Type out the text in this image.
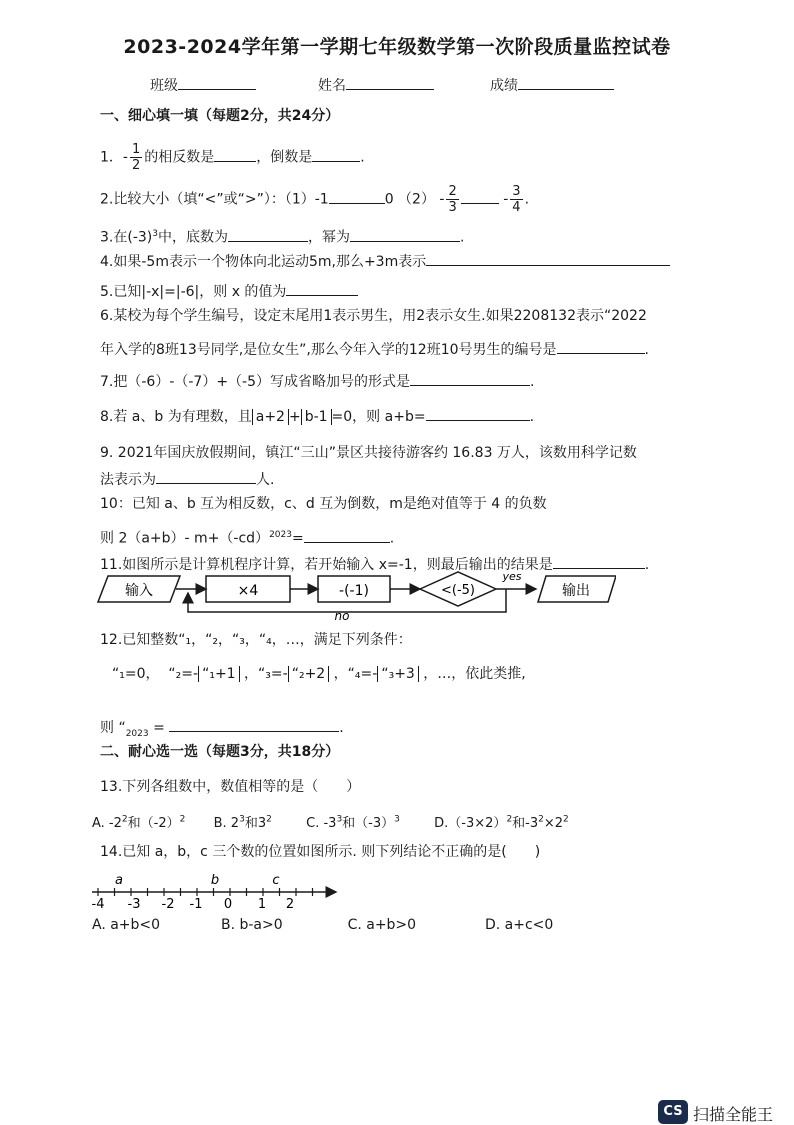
2023-2024学年第一学期七年级数学第一次阶段质量监控试卷
班级	姓名	成绩
一、细心填一填（每题2分，共24分）
1．- $\frac{1}{2}$ 的相反数是	，倒数是	.
2.比较大小（填“<”或“>”）：（1）-1	0 $(2) - \frac{2}{3}$	- $\frac{3}{4}$ .
3.在$(-3)^3$中，底数为	，幂为	.
4.如果-5m表示一个物体向北运动5m,那么+3m表示
5.已知|-x|=|-6|，则 x 的值为
6.某校为每个学生编号，设定末尾用1表示男生，用2表示女生.如果2208132表示“2022
年入学的8班13号同学,是位女生”,那么今年入学的12班10号男生的编号是	.
7.把（-6）-（-7）+（-5）写成省略加号的形式是	.
8.若 a、b 为有理数，且 a+2 + b-1 =0，则 a+b=	.
9. 2021年国庆放假期间，镇江“三山”景区共接待游客约 16.83 万人，该数用科学记数
法表示为	人.
10：已知 a、b 互为相反数，c、d 互为倒数，m是绝对值等于 4 的负数
则 2（a+b）- $m+(-cd)^{2023}=$	.
11.如图所示是计算机程序计算，若开始输入 x=-1，则最后输出的结果是	.
输入	×4	-(-1)	<(-5)
yes
输出
no
12.已知整数“₁，“₂，“₃，“₄，…，满足下列条件：
“₁=0， “₂=- “₁+1 ，“₃=- “₂+2 ，“₄=- “₃+3 ，…，依此类推,
则 “$_{2023}$ =	.
二、耐心选一选（每题3分，共18分）
13.下列各组数中，数值相等的是（　　）
A. $-2^2$和$(-2)^2$ B. $2^3$和$3^2$	C. $-3^3$和$(-3)^3$	$D.(-3\times 2)^2$和$-3^2\times 2^2$
14.已知 a，b，c 三个数的位置如图所示. 则下列结论不正确的是(　　)
a	b	c
-4 -3 -2 -1 0 1 2
A. a+b<0	B. b-a>0	C. a+b>0	D. a+c<0
CS 扫描全能王
